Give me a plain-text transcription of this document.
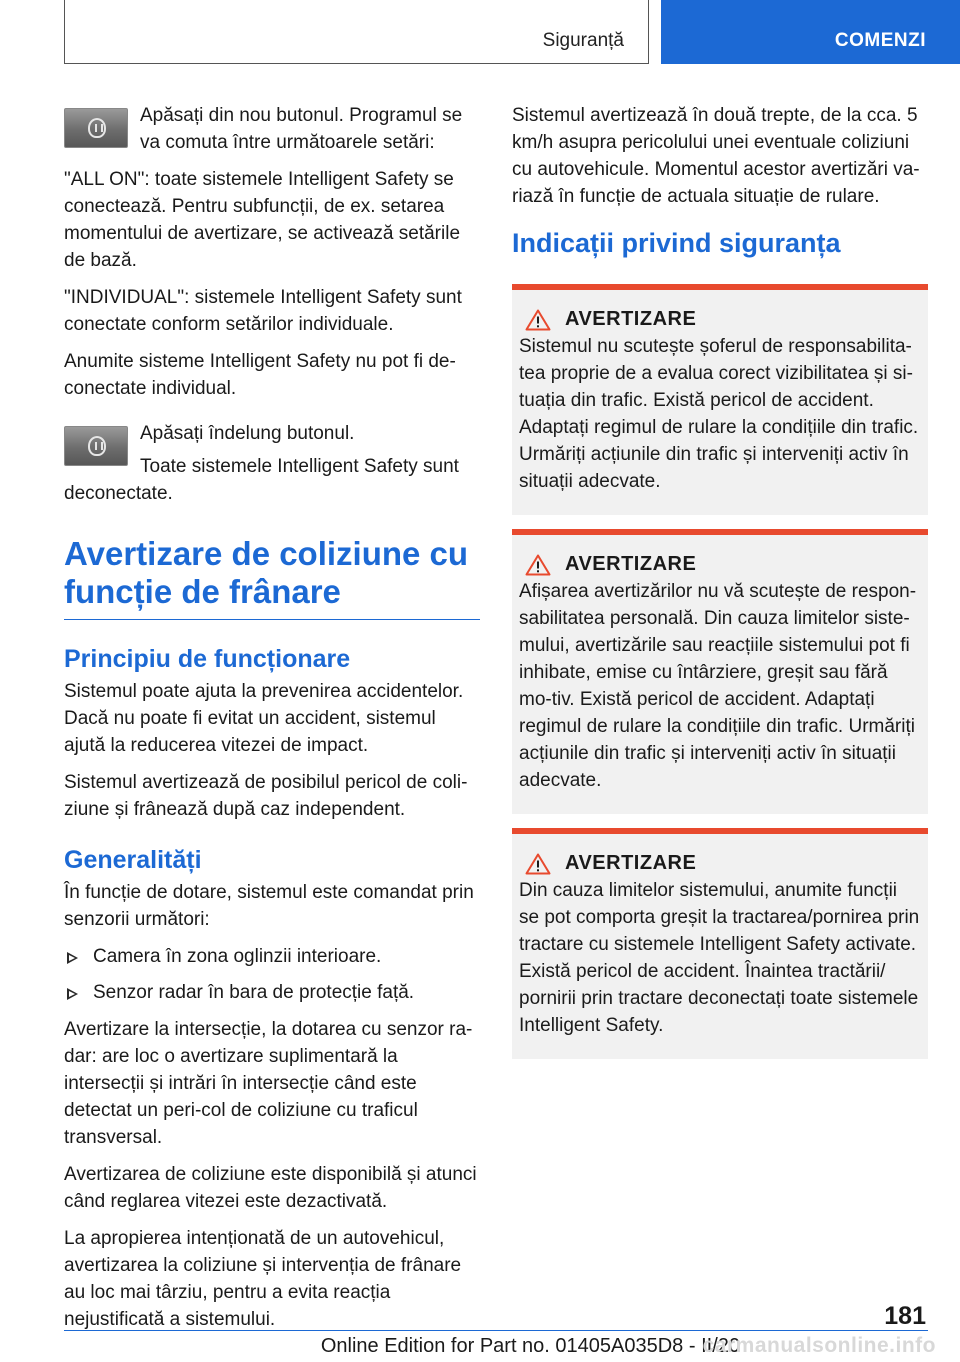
Siguranță	COMENZI

Apăsați din nou butonul. Programul se va comuta între următoarele setări:

"ALL ON": toate sistemele Intelligent Safety se conectează. Pentru subfuncții, de ex. setarea momentului de avertizare, se activează setările de bază.

"INDIVIDUAL": sistemele Intelligent Safety sunt conectate conform setărilor individuale.

Anumite sisteme Intelligent Safety nu pot fi de‐conectate individual.

Apăsați îndelung butonul.

Toate sistemele Intelligent Safety sunt deconectate.

Avertizare de coliziune cu funcție de frânare
Principiu de funcționare

Sistemul poate ajuta la prevenirea accidentelor. Dacă nu poate fi evitat un accident, sistemul ajută la reducerea vitezei de impact.

Sistemul avertizează de posibilul pericol de coli‐ziune și frânează după caz independent.

Generalități

În funcție de dotare, sistemul este comandat prin senzorii următori:

Camera în zona oglinzii interioare.
Senzor radar în bara de protecție față.

Avertizare la intersecție, la dotarea cu senzor ra‐dar: are loc o avertizare suplimentară la intersecții și intrări în intersecție când este detectat un peri‐col de coliziune cu traficul transversal.

Avertizarea de coliziune este disponibilă și atunci când reglarea vitezei este dezactivată.

La apropierea intenționată de un autovehicul, avertizarea la coliziune și intervenția de frânare au loc mai târziu, pentru a evita reacția nejustificată a sistemului.

Sistemul avertizează în două trepte, de la cca. 5 km/h asupra pericolului unei eventuale coliziuni cu autovehicule. Momentul acestor avertizări va‐riază în funcție de actuala situație de rulare.

Indicații privind siguranța
AVERTIZARE

Sistemul nu scutește șoferul de responsabilita‐tea proprie de a evalua corect vizibilitatea și si‐tuația din trafic. Există pericol de accident. Adaptați regimul de rulare la condițiile din trafic. Urmăriți acțiunile din trafic și interveniți activ în situații adecvate.

AVERTIZARE

Afișarea avertizărilor nu vă scutește de respon‐sabilitatea personală. Din cauza limitelor siste‐mului, avertizările sau reacțiile sistemului pot fi inhibate, emise cu întârziere, greșit sau fără mo‐tiv. Există pericol de accident. Adaptați regimul de rulare la condițiile din trafic. Urmăriți acțiunile din trafic și interveniți activ în situații adecvate.

AVERTIZARE

Din cauza limitelor sistemului, anumite funcții se pot comporta greșit la tractarea/pornirea prin tractare cu sistemele Intelligent Safety activate. Există pericol de accident. Înaintea tractării/ pornirii prin tractare deconectați toate sistemele Intelligent Safety.

181
Online Edition for Part no. 01405A035D8 - II/20
carmanualsonline.info
